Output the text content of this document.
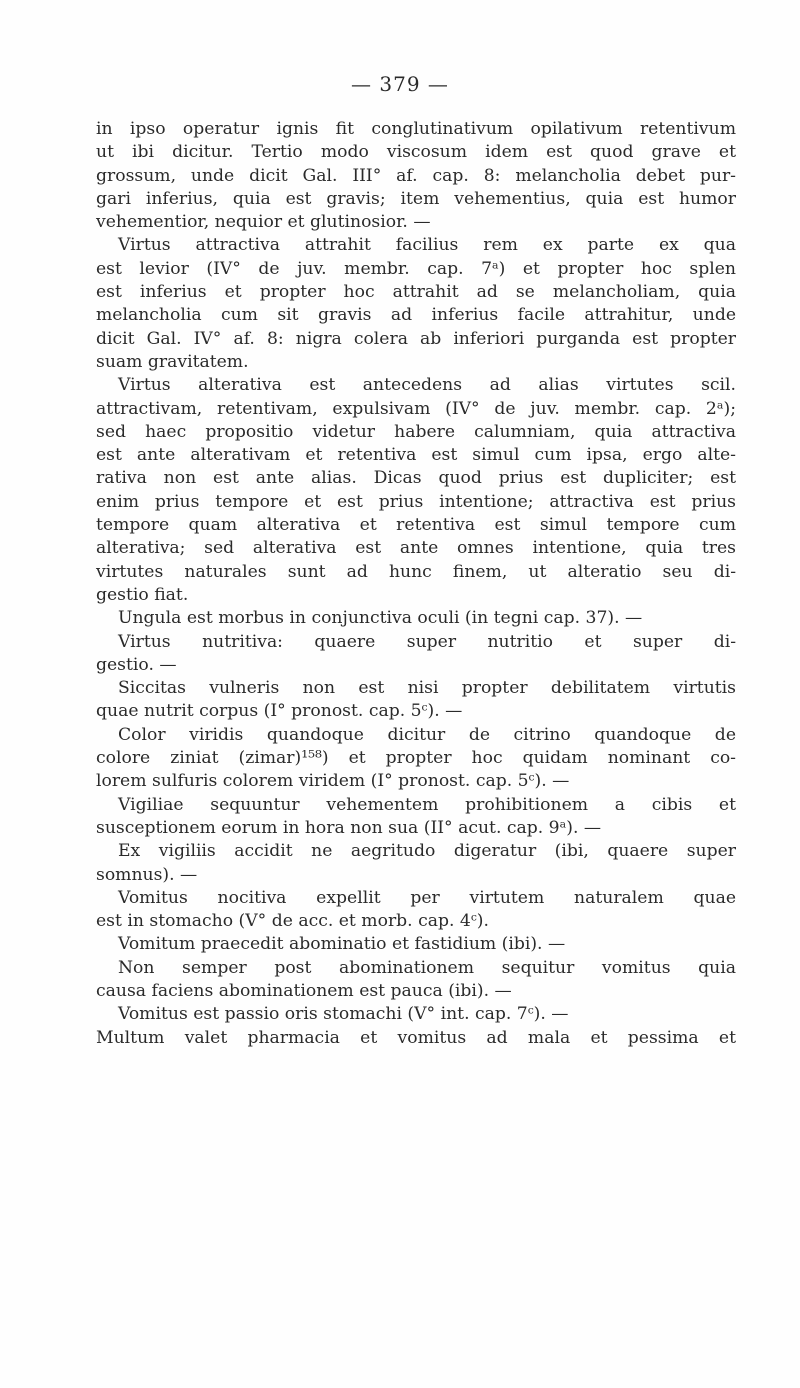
— 379 —
in ipso operatur ignis fit conglutinativum opilativum retentivum
ut ibi dicitur. Tertio modo viscosum idem est quod grave et
grossum, unde dicit Gal. III° af. cap. 8: melancholia debet pur-
gari inferius, quia est gravis; item vehementius, quia est humor
vehementior, nequior et glutinosior. —
Virtus attractiva attrahit facilius rem ex parte ex qua
est levior (IV° de juv. membr. cap. 7ᵃ) et propter hoc splen
est inferius et propter hoc attrahit ad se melancholiam, quia
melancholia cum sit gravis ad inferius facile attrahitur, unde
dicit Gal. IV° af. 8: nigra colera ab inferiori purganda est propter
suam gravitatem.
Virtus alterativa est antecedens ad alias virtutes scil.
attractivam, retentivam, expulsivam (IV° de juv. membr. cap. 2ᵃ);
sed haec propositio videtur habere calumniam, quia attractiva
est ante alterativam et retentiva est simul cum ipsa, ergo alte-
rativa non est ante alias. Dicas quod prius est dupliciter; est
enim prius tempore et est prius intentione; attractiva est prius
tempore quam alterativa et retentiva est simul tempore cum
alterativa; sed alterativa est ante omnes intentione, quia tres
virtutes naturales sunt ad hunc finem, ut alteratio seu di-
gestio fiat.
Ungula est morbus in conjunctiva oculi (in tegni cap. 37). —
Virtus nutritiva: quaere super nutritio et super di-
gestio. —
Siccitas vulneris non est nisi propter debilitatem virtutis
quae nutrit corpus (I° pronost. cap. 5ᶜ). —
Color viridis quandoque dicitur de citrino quandoque de
colore ziniat (zimar)¹⁵⁸) et propter hoc quidam nominant co-
lorem sulfuris colorem viridem (I° pronost. cap. 5ᶜ). —
Vigiliae sequuntur vehementem prohibitionem a cibis et
susceptionem eorum in hora non sua (II° acut. cap. 9ᵃ). —
Ex vigiliis accidit ne aegritudo digeratur (ibi, quaere super
somnus). —
Vomitus nocitiva expellit per virtutem naturalem quae
est in stomacho (V° de acc. et morb. cap. 4ᶜ).
Vomitum praecedit abominatio et fastidium (ibi). —
Non semper post abominationem sequitur vomitus quia
causa faciens abominationem est pauca (ibi). —
Vomitus est passio oris stomachi (V° int. cap. 7ᶜ). —
Multum valet pharmacia et vomitus ad mala et pessima et
